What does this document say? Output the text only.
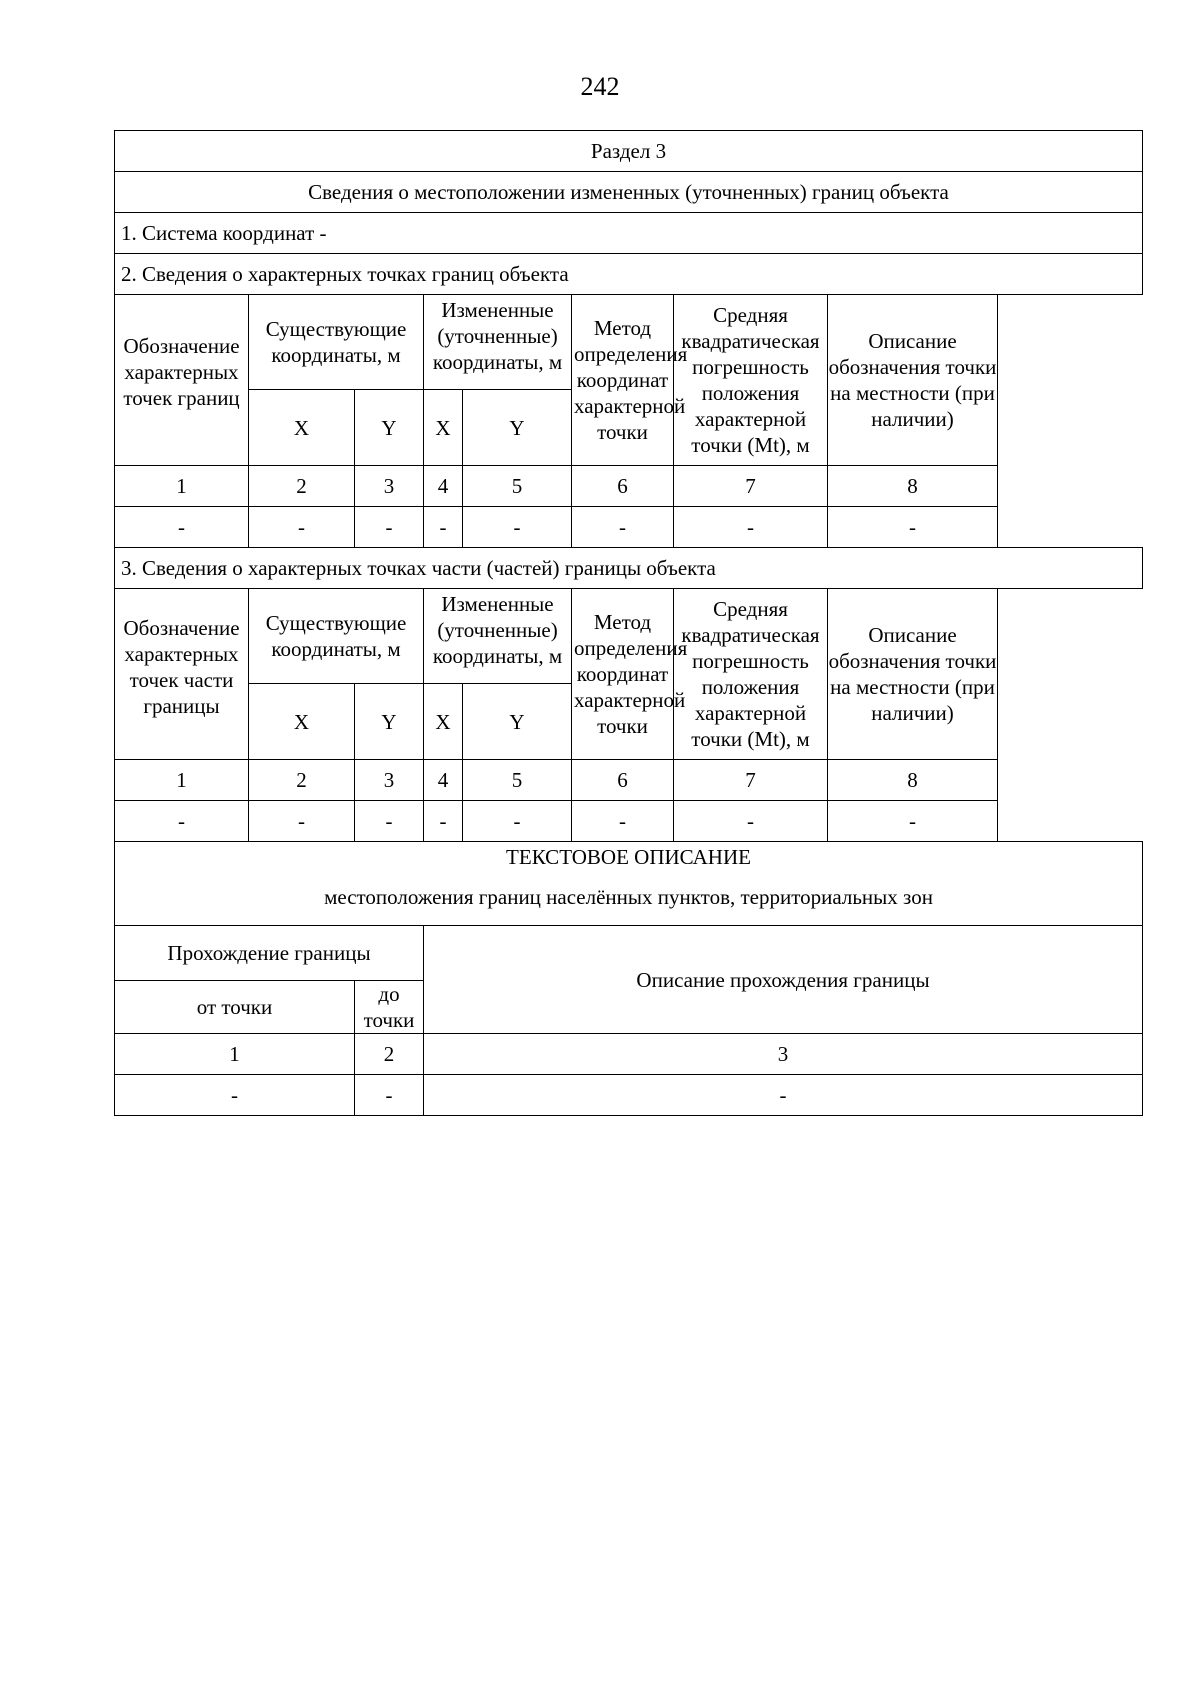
242
Раздел 3							
Сведения о местоположении измененных (уточненных) границ объекта							
1. Система координат -							
2. Сведения о характерных точках границ объекта							
Обозначение характерных точек границ	Существующие координаты, м		Измененные (уточненные) координаты, м		Метод определения координат характерной точки	Средняя квадратическая погрешность положения характерной точки (Mt), м	Описание обозначения точки на местности (при наличии)
	X	Y	X	Y			
1	2	3	4	5	6	7	8
-	-	-	-	-	-	-	-
3. Сведения о характерных точках части (частей) границы объекта							
Обозначение характерных точек части границы	Существующие координаты, м		Измененные (уточненные) координаты, м		Метод определения координат характерной точки	Средняя квадратическая погрешность положения характерной точки (Mt), м	Описание обозначения точки на местности (при наличии)
	X	Y	X	Y			
1	2	3	4	5	6	7	8
-	-	-	-	-	-	-	-
ТЕКСТОВОЕ ОПИСАНИЕ
местоположения границ населённых пунктов, территориальных зон							

Прохождение границы			Описание прохождения границы				
от точки		до точки					
1		2	3				
-		-	-				
